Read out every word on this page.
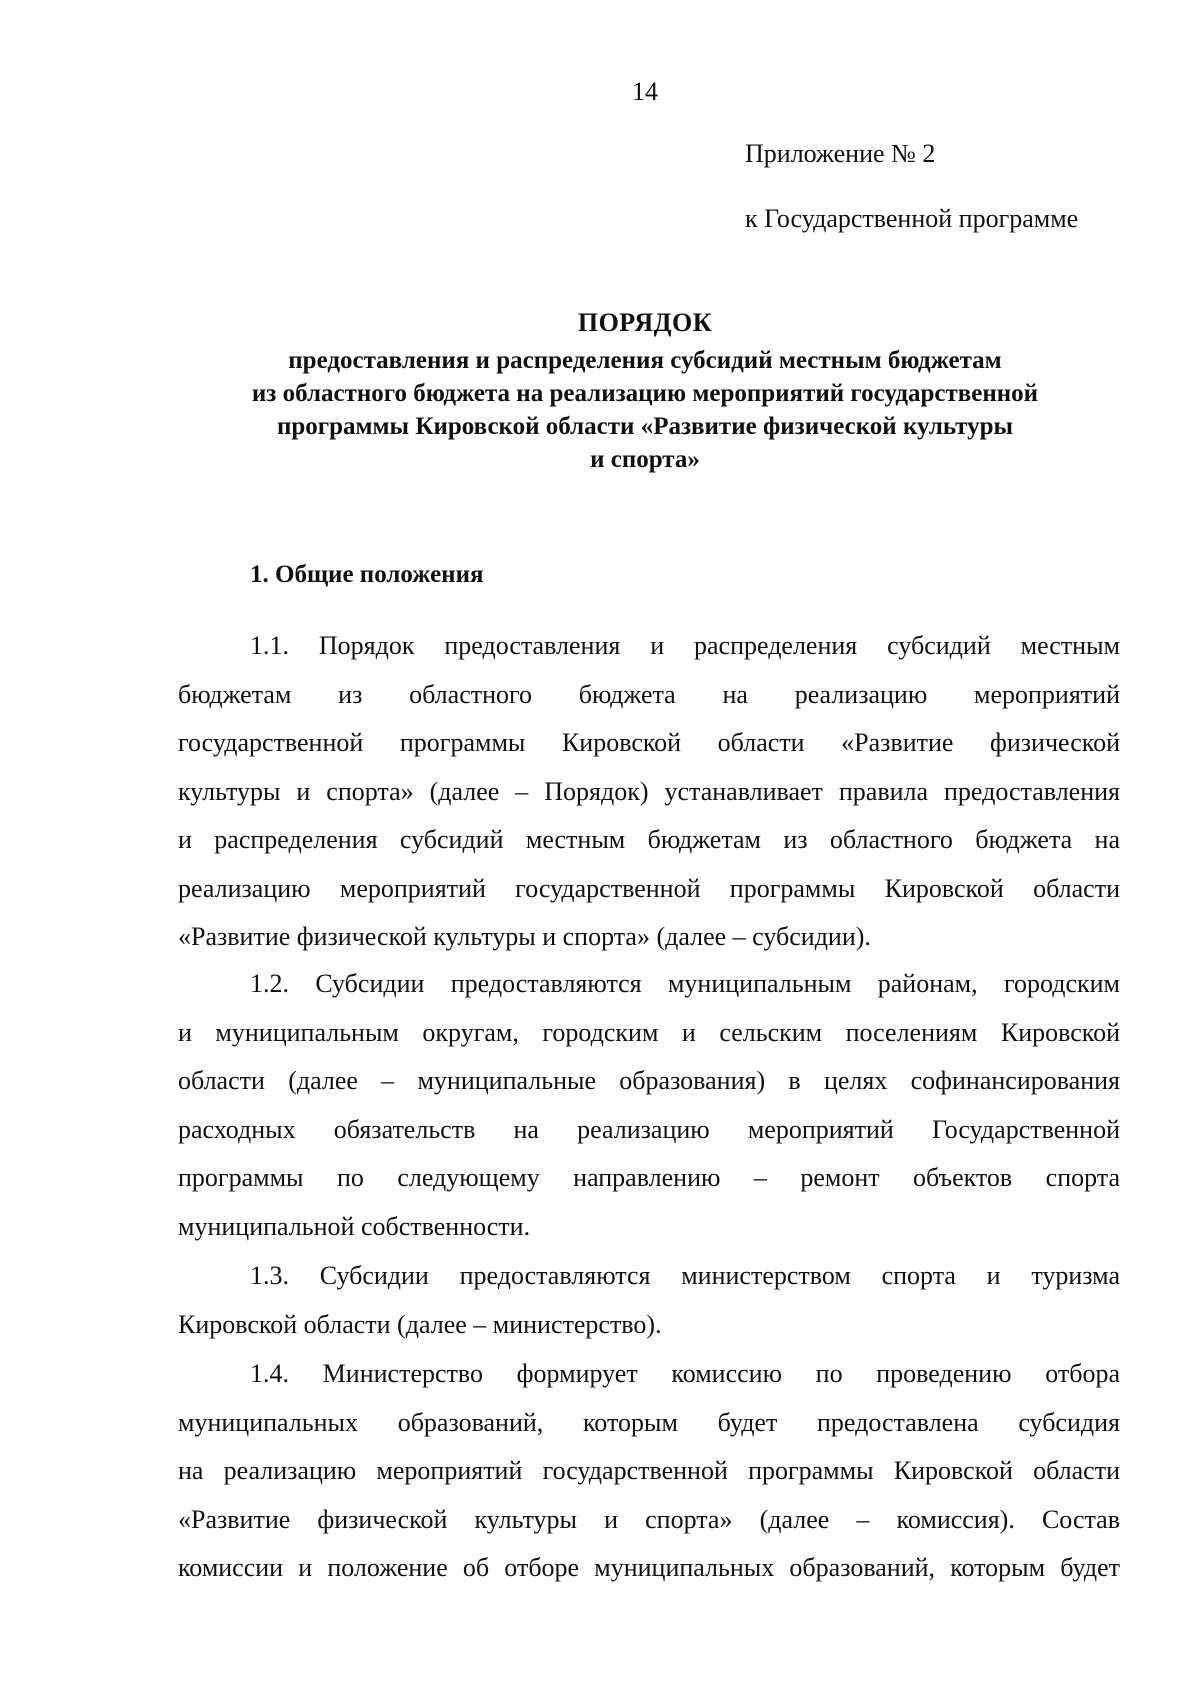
14
Приложение № 2
к Государственной программе
ПОРЯДОК
предоставления и распределения субсидий местным бюджетам
из областного бюджета на реализацию мероприятий государственной
программы Кировской области «Развитие физической культуры
и спорта»
1. Общие положения
1.1. Порядок предоставления и распределения субсидий местным
бюджетам из областного бюджета на реализацию мероприятий
государственной программы Кировской области «Развитие физической
культуры и спорта» (далее – Порядок) устанавливает правила предоставления
и распределения субсидий местным бюджетам из областного бюджета на
реализацию мероприятий государственной программы Кировской области
«Развитие физической культуры и спорта» (далее – субсидии).
1.2. Субсидии предоставляются муниципальным районам, городским
и муниципальным округам, городским и сельским поселениям Кировской
области (далее – муниципальные образования) в целях софинансирования
расходных обязательств на реализацию мероприятий Государственной
программы по следующему направлению – ремонт объектов спорта
муниципальной собственности.
1.3. Субсидии предоставляются министерством спорта и туризма
Кировской области (далее – министерство).
1.4. Министерство формирует комиссию по проведению отбора
муниципальных образований, которым будет предоставлена субсидия
на реализацию мероприятий государственной программы Кировской области
«Развитие физической культуры и спорта» (далее – комиссия). Состав
комиссии и положение об отборе муниципальных образований, которым будет
